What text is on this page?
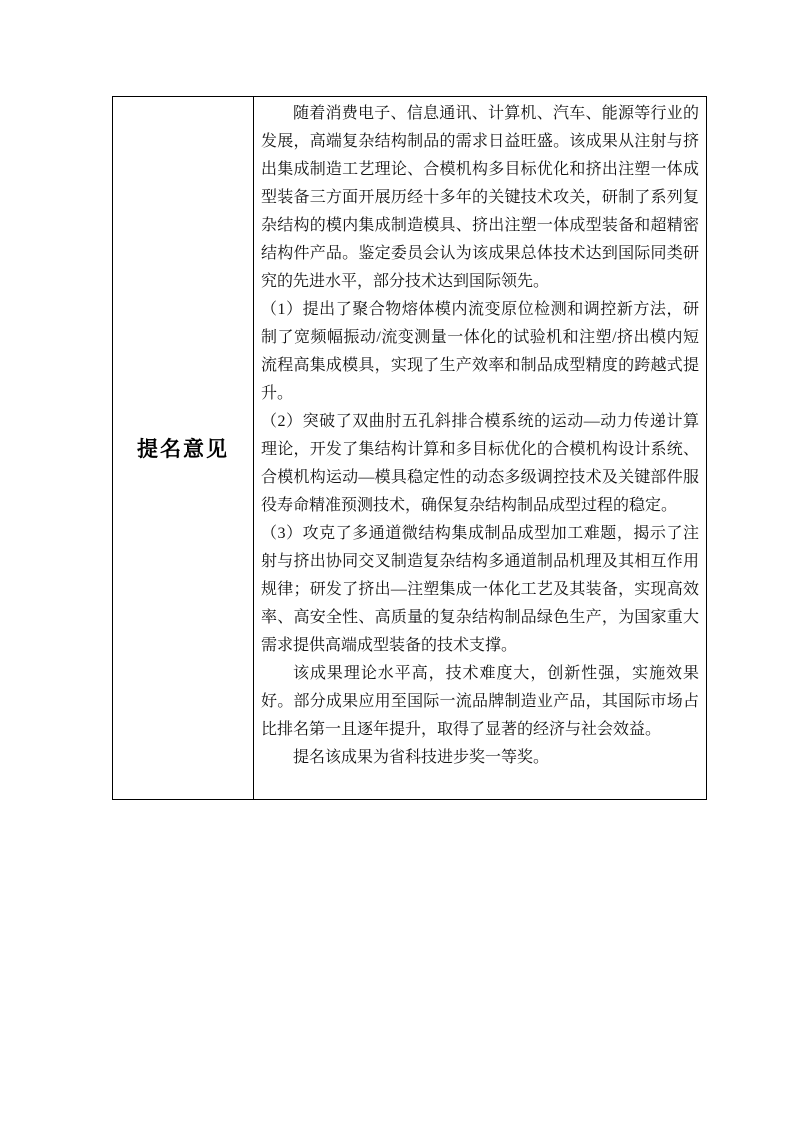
提名意见	

随着消费电子、信息通讯、计算机、汽车、能源等行业的发展，高端复杂结构制品的需求日益旺盛。该成果从注射与挤出集成制造工艺理论、合模机构多目标优化和挤出注塑一体成型装备三方面开展历经十多年的关键技术攻关，研制了系列复杂结构的模内集成制造模具、挤出注塑一体成型装备和超精密结构件产品。鉴定委员会认为该成果总体技术达到国际同类研究的先进水平，部分技术达到国际领先。

（1）提出了聚合物熔体模内流变原位检测和调控新方法，研制了宽频幅振动/流变测量一体化的试验机和注塑/挤出模内短流程高集成模具，实现了生产效率和制品成型精度的跨越式提升。

（2）突破了双曲肘五孔斜排合模系统的运动—动力传递计算理论，开发了集结构计算和多目标优化的合模机构设计系统、合模机构运动—模具稳定性的动态多级调控技术及关键部件服役寿命精准预测技术，确保复杂结构制品成型过程的稳定。

（3）攻克了多通道微结构集成制品成型加工难题，揭示了注射与挤出协同交叉制造复杂结构多通道制品机理及其相互作用规律；研发了挤出—注塑集成一体化工艺及其装备，实现高效率、高安全性、高质量的复杂结构制品绿色生产，为国家重大需求提供高端成型装备的技术支撑。

该成果理论水平高，技术难度大，创新性强，实施效果好。部分成果应用至国际一流品牌制造业产品，其国际市场占比排名第一且逐年提升，取得了显著的经济与社会效益。

提名该成果为省科技进步奖一等奖。
